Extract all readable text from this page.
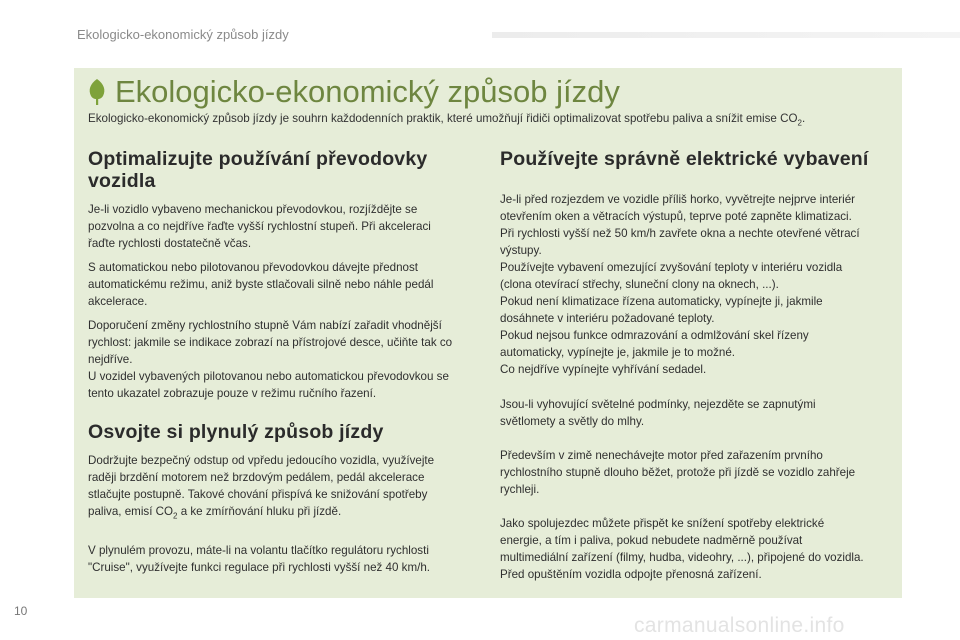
Ekologicko-ekonomický způsob jízdy
Ekologicko-ekonomický způsob jízdy

Ekologicko-ekonomický způsob jízdy je souhrn každodenních praktik, které umožňují řidiči optimalizovat spotřebu paliva a snížit emise $CO_2$.

Optimalizujte používání převodovky
vozidla

Je-li vozidlo vybaveno mechanickou převodovkou, rozjíždějte se
pozvolna a co nejdříve řaďte vyšší rychlostní stupeň. Při akceleraci
řaďte rychlosti dostatečně včas.

S automatickou nebo pilotovanou převodovkou dávejte přednost
automatickému režimu, aniž byste stlačovali silně nebo náhle pedál
akcelerace.

Doporučení změny rychlostního stupně Vám nabízí zařadit vhodnější
rychlost: jakmile se indikace zobrazí na přístrojové desce, učiňte tak co
nejdříve.
U vozidel vybavených pilotovanou nebo automatickou převodovkou se
tento ukazatel zobrazuje pouze v režimu ručního řazení.

Osvojte si plynulý způsob jízdy

Dodržujte bezpečný odstup od vpředu jedoucího vozidla, využívejte
raději brzdění motorem než brzdovým pedálem, pedál akcelerace
stlačujte postupně. Takové chování přispívá ke snižování spotřeby
paliva, emisí $CO_2$ a ke zmírňování hluku při jízdě.

V plynulém provozu, máte-li na volantu tlačítko regulátoru rychlosti
"Cruise", využívejte funkci regulace při rychlosti vyšší než 40 km/h.

Používejte správně elektrické vybavení

Je-li před rozjezdem ve vozidle příliš horko, vyvětrejte nejprve interiér
otevřením oken a větracích výstupů, teprve poté zapněte klimatizaci.
Při rychlosti vyšší než 50 km/h zavřete okna a nechte otevřené větrací
výstupy.
Používejte vybavení omezující zvyšování teploty v interiéru vozidla
(clona otevírací střechy, sluneční clony na oknech, ...).
Pokud není klimatizace řízena automaticky, vypínejte ji, jakmile
dosáhnete v interiéru požadované teploty.
Pokud nejsou funkce odmrazování a odmlžování skel řízeny
automaticky, vypínejte je, jakmile je to možné.
Co nejdříve vypínejte vyhřívání sedadel.

Jsou-li vyhovující světelné podmínky, nejezděte se zapnutými
světlomety a světly do mlhy.

Především v zimě nenechávejte motor před zařazením prvního
rychlostního stupně dlouho běžet, protože při jízdě se vozidlo zahřeje
rychleji.

Jako spolujezdec můžete přispět ke snížení spotřeby elektrické
energie, a tím i paliva, pokud nebudete nadměrně používat
multimediální zařízení (filmy, hudba, videohry, ...), připojené do vozidla.
Před opuštěním vozidla odpojte přenosná zařízení.

10
carmanualsonline.info
